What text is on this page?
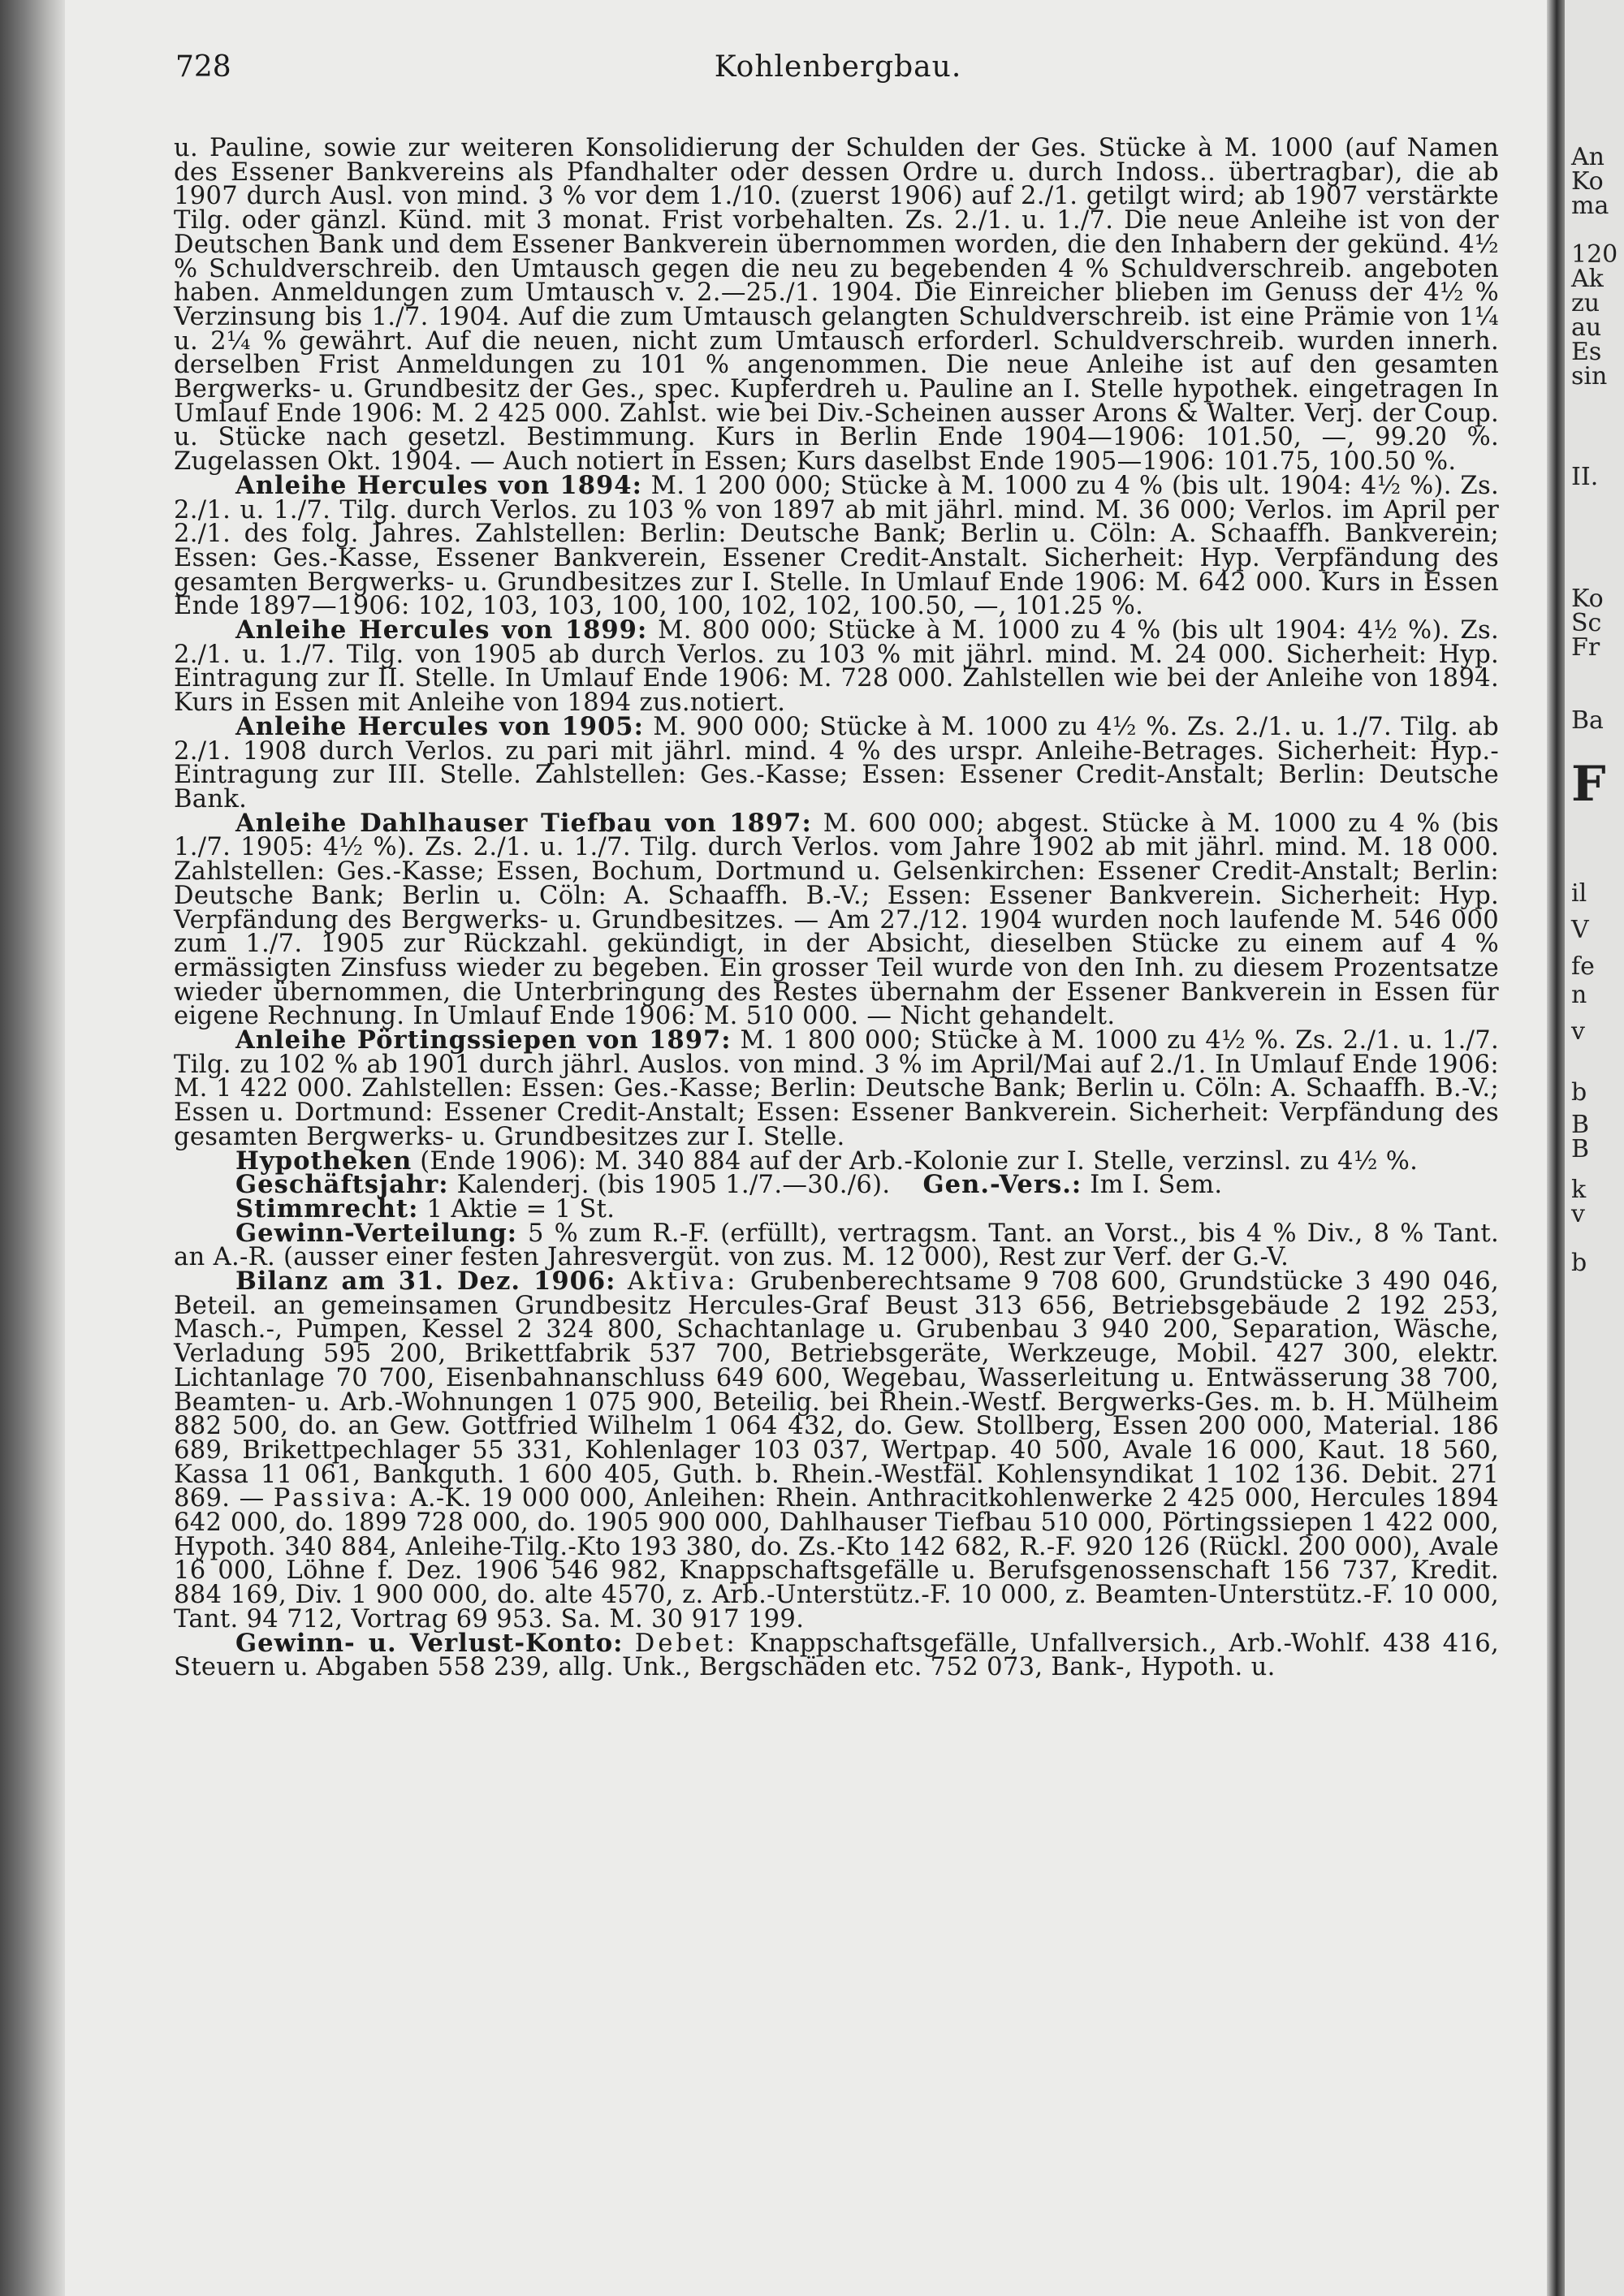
728	Kohlenbergbau.

u. Pauline, sowie zur weiteren Konsolidierung der Schulden der Ges. Stücke à M. 1000 (auf Namen des Essener Bankvereins als Pfandhalter oder dessen Ordre u. durch Indoss.. übertragbar), die ab 1907 durch Ausl. von mind. 3 % vor dem 1./10. (zuerst 1906) auf 2./1. getilgt wird; ab 1907 verstärkte Tilg. oder gänzl. Künd. mit 3 monat. Frist vorbehalten. Zs. 2./1. u. 1./7. Die neue Anleihe ist von der Deutschen Bank und dem Essener Bankverein übernommen worden, die den Inhabern der gekünd. 4½ % Schuldverschreib. den Umtausch gegen die neu zu begebenden 4 % Schuldverschreib. angeboten haben. Anmeldungen zum Umtausch v. 2.—25./1. 1904. Die Einreicher blieben im Genuss der 4½ % Verzinsung bis 1./7. 1904. Auf die zum Umtausch gelangten Schuldverschreib. ist eine Prämie von 1¼ u. 2¼ % gewährt. Auf die neuen, nicht zum Umtausch erforderl. Schuldverschreib. wurden innerh. derselben Frist Anmeldungen zu 101 % angenommen. Die neue Anleihe ist auf den gesamten Bergwerks- u. Grundbesitz der Ges., spec. Kupferdreh u. Pauline an I. Stelle hypothek. eingetragen In Umlauf Ende 1906: M. 2 425 000. Zahlst. wie bei Div.-Scheinen ausser Arons & Walter. Verj. der Coup. u. Stücke nach gesetzl. Bestimmung. Kurs in Berlin Ende 1904—1906: 101.50, —, 99.20 %. Zugelassen Okt. 1904. — Auch notiert in Essen; Kurs daselbst Ende 1905—1906: 101.75, 100.50 %.

Anleihe Hercules von 1894: M. 1 200 000; Stücke à M. 1000 zu 4 % (bis ult. 1904: 4½ %). Zs. 2./1. u. 1./7. Tilg. durch Verlos. zu 103 % von 1897 ab mit jährl. mind. M. 36 000; Verlos. im April per 2./1. des folg. Jahres. Zahlstellen: Berlin: Deutsche Bank; Berlin u. Cöln: A. Schaaffh. Bankverein; Essen: Ges.-Kasse, Essener Bankverein, Essener Credit-Anstalt. Sicherheit: Hyp. Verpfändung des gesamten Bergwerks- u. Grundbesitzes zur I. Stelle. In Umlauf Ende 1906: M. 642 000. Kurs in Essen Ende 1897—1906: 102, 103, 103, 100, 100, 102, 102, 100.50, —, 101.25 %.

Anleihe Hercules von 1899: M. 800 000; Stücke à M. 1000 zu 4 % (bis ult 1904: 4½ %). Zs. 2./1. u. 1./7. Tilg. von 1905 ab durch Verlos. zu 103 % mit jährl. mind. M. 24 000. Sicherheit: Hyp. Eintragung zur II. Stelle. In Umlauf Ende 1906: M. 728 000. Zahlstellen wie bei der Anleihe von 1894. Kurs in Essen mit Anleihe von 1894 zus.notiert.

Anleihe Hercules von 1905: M. 900 000; Stücke à M. 1000 zu 4½ %. Zs. 2./1. u. 1./7. Tilg. ab 2./1. 1908 durch Verlos. zu pari mit jährl. mind. 4 % des urspr. Anleihe-Betrages. Sicherheit: Hyp.-Eintragung zur III. Stelle. Zahlstellen: Ges.-Kasse; Essen: Essener Credit-Anstalt; Berlin: Deutsche Bank.

Anleihe Dahlhauser Tiefbau von 1897: M. 600 000; abgest. Stücke à M. 1000 zu 4 % (bis 1./7. 1905: 4½ %). Zs. 2./1. u. 1./7. Tilg. durch Verlos. vom Jahre 1902 ab mit jährl. mind. M. 18 000. Zahlstellen: Ges.-Kasse; Essen, Bochum, Dortmund u. Gelsenkirchen: Essener Credit-Anstalt; Berlin: Deutsche Bank; Berlin u. Cöln: A. Schaaffh. B.-V.; Essen: Essener Bankverein. Sicherheit: Hyp. Verpfändung des Bergwerks- u. Grundbesitzes. — Am 27./12. 1904 wurden noch laufende M. 546 000 zum 1./7. 1905 zur Rückzahl. gekündigt, in der Absicht, dieselben Stücke zu einem auf 4 % ermässigten Zinsfuss wieder zu begeben. Ein grosser Teil wurde von den Inh. zu diesem Prozentsatze wieder übernommen, die Unterbringung des Restes übernahm der Essener Bankverein in Essen für eigene Rechnung. In Umlauf Ende 1906: M. 510 000. — Nicht gehandelt.

Anleihe Pörtingssiepen von 1897: M. 1 800 000; Stücke à M. 1000 zu 4½ %. Zs. 2./1. u. 1./7. Tilg. zu 102 % ab 1901 durch jährl. Auslos. von mind. 3 % im April/Mai auf 2./1. In Umlauf Ende 1906: M. 1 422 000. Zahlstellen: Essen: Ges.-Kasse; Berlin: Deutsche Bank; Berlin u. Cöln: A. Schaaffh. B.-V.; Essen u. Dortmund: Essener Credit-Anstalt; Essen: Essener Bankverein. Sicherheit: Verpfändung des gesamten Bergwerks- u. Grundbesitzes zur I. Stelle.

Hypotheken (Ende 1906): M. 340 884 auf der Arb.-Kolonie zur I. Stelle, verzinsl. zu 4½ %.

Geschäftsjahr: Kalenderj. (bis 1905 1./7.—30./6). Gen.-Vers.: Im I. Sem.

Stimmrecht: 1 Aktie = 1 St.

Gewinn-Verteilung: 5 % zum R.-F. (erfüllt), vertragsm. Tant. an Vorst., bis 4 % Div., 8 % Tant. an A.-R. (ausser einer festen Jahresvergüt. von zus. M. 12 000), Rest zur Verf. der G.-V.

Bilanz am 31. Dez. 1906: Aktiva: Grubenberechtsame 9 708 600, Grundstücke 3 490 046, Beteil. an gemeinsamen Grundbesitz Hercules-Graf Beust 313 656, Betriebsgebäude 2 192 253, Masch.-, Pumpen, Kessel 2 324 800, Schachtanlage u. Grubenbau 3 940 200, Separation, Wäsche, Verladung 595 200, Brikettfabrik 537 700, Betriebsgeräte, Werkzeuge, Mobil. 427 300, elektr. Lichtanlage 70 700, Eisenbahnanschluss 649 600, Wegebau, Wasserleitung u. Entwässerung 38 700, Beamten- u. Arb.-Wohnungen 1 075 900, Beteilig. bei Rhein.-Westf. Bergwerks-Ges. m. b. H. Mülheim 882 500, do. an Gew. Gottfried Wilhelm 1 064 432, do. Gew. Stollberg, Essen 200 000, Material. 186 689, Brikettpechlager 55 331, Kohlenlager 103 037, Wertpap. 40 500, Avale 16 000, Kaut. 18 560, Kassa 11 061, Bankguth. 1 600 405, Guth. b. Rhein.-Westfäl. Kohlensyndikat 1 102 136. Debit. 271 869. — Passiva: A.-K. 19 000 000, Anleihen: Rhein. Anthracitkohlenwerke 2 425 000, Hercules 1894 642 000, do. 1899 728 000, do. 1905 900 000, Dahlhauser Tiefbau 510 000, Pörtingssiepen 1 422 000, Hypoth. 340 884, Anleihe-Tilg.-Kto 193 380, do. Zs.-Kto 142 682, R.-F. 920 126 (Rückl. 200 000), Avale 16 000, Löhne f. Dez. 1906 546 982, Knappschaftsgefälle u. Berufsgenossenschaft 156 737, Kredit. 884 169, Div. 1 900 000, do. alte 4570, z. Arb.-Unterstütz.-F. 10 000, z. Beamten-Unterstütz.-F. 10 000, Tant. 94 712, Vortrag 69 953. Sa. M. 30 917 199.

Gewinn- u. Verlust-Konto: Debet: Knappschaftsgefälle, Unfallversich., Arb.-Wohlf. 438 416, Steuern u. Abgaben 558 239, allg. Unk., Bergschäden etc. 752 073, Bank-, Hypoth. u.

An
Ko
ma
120
Ak
zu
au
Es
sin
II.
Ko
Sc
Fr
Ba
F
il
V
fe
n
v
b
B
B
k
v
b
